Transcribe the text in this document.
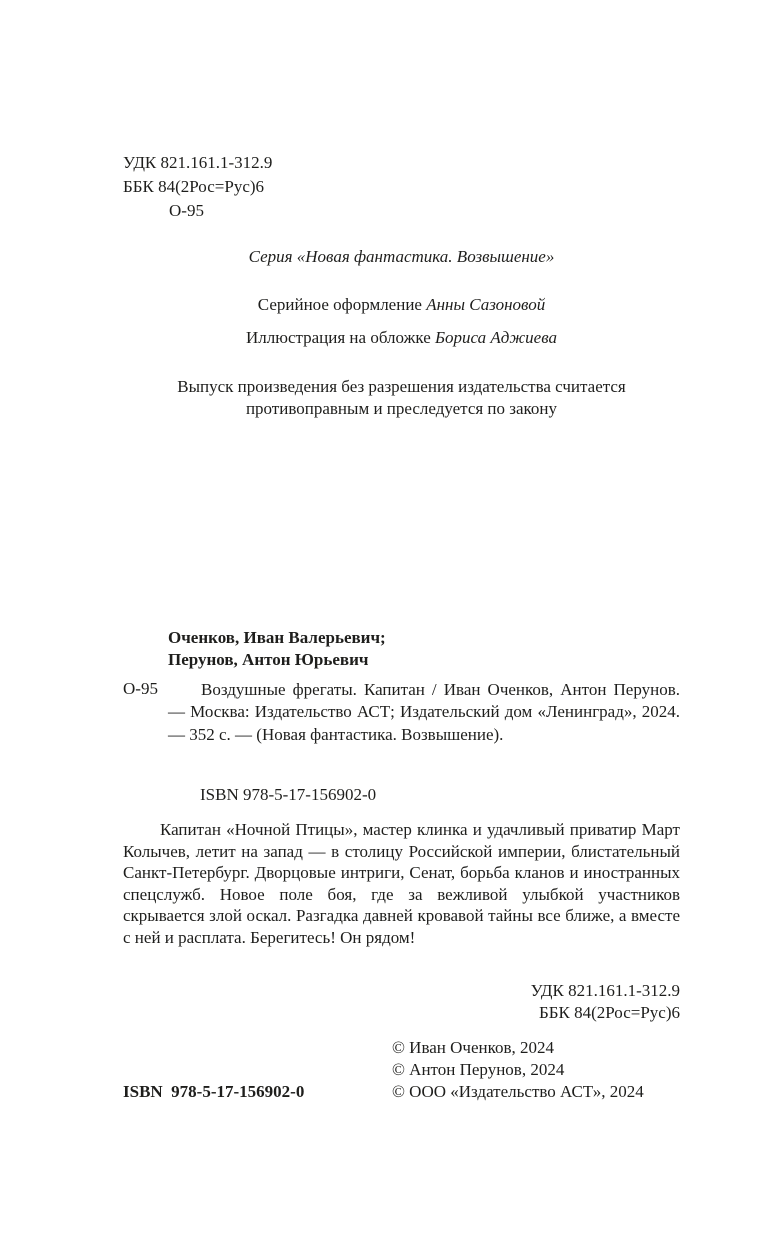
УДК 821.161.1-312.9
ББК 84(2Рос=Рус)6
О-95
Серия «Новая фантастика. Возвышение»
Серийное оформление Анны Сазоновой
Иллюстрация на обложке Бориса Аджиева
Выпуск произведения без разрешения издательства считается противоправным и преследуется по закону
Оченков, Иван Валерьевич;
Перунов, Антон Юрьевич
О-95	Воздушные фрегаты. Капитан / Иван Оченков, Антон Перунов. — Москва: Издательство АСТ; Издательский дом «Ленинград», 2024. — 352 с. — (Новая фантастика. Возвышение).

ISBN 978-5-17-156902-0

Капитан «Ночной Птицы», мастер клинка и удачливый приватир Март Колычев, летит на запад — в столицу Российской империи, блистательный Санкт-Петербург. Дворцовые интриги, Сенат, борьба кланов и иностранных спецслужб. Новое поле боя, где за вежливой улыбкой участников скрывается злой оскал. Разгадка давней кровавой тайны все ближе, а вместе с ней и расплата. Берегитесь! Он рядом!

УДК 821.161.1-312.9
ББК 84(2Рос=Рус)6
© Иван Оченков, 2024
© Антон Перунов, 2024
© ООО «Издательство АСТ», 2024
ISBN  978-5-17-156902-0
